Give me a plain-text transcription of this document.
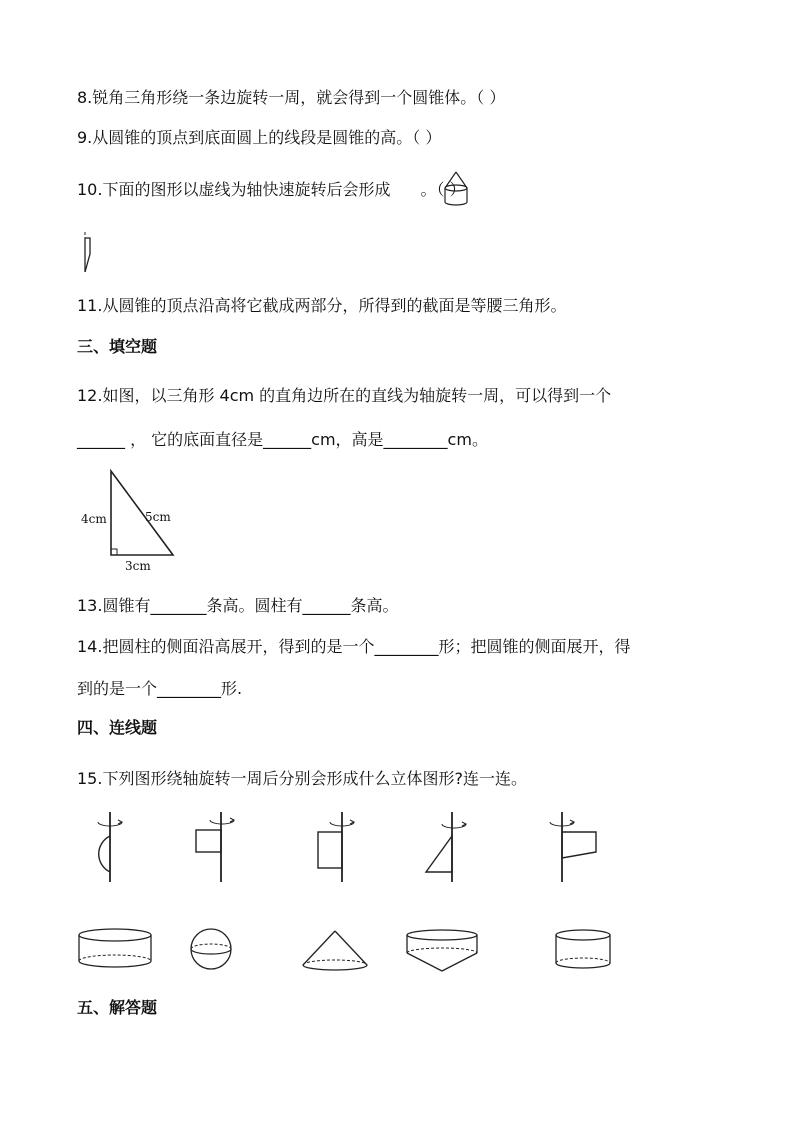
8.锐角三角形绕一条边旋转一周，就会得到一个圆锥体。（ ）
9.从圆锥的顶点到底面圆上的线段是圆锥的高。（ ）
10.下面的图形以虚线为轴快速旋转后会形成 。（ ）
11.从圆锥的顶点沿高将它截成两部分，所得到的截面是等腰三角形。
三、填空题
12.如图，以三角形 4cm 的直角边所在的直线为轴旋转一周，可以得到一个
______ ， 它的底面直径是______cm，高是________cm。
4cm	5cm
3cm
13.圆锥有_______条高。圆柱有______条高。
14.把圆柱的侧面沿高展开，得到的是一个________形；把圆锥的侧面展开，得
到的是一个________形.
四、连线题
15.下列图形绕轴旋转一周后分别会形成什么立体图形?连一连。
五、解答题
